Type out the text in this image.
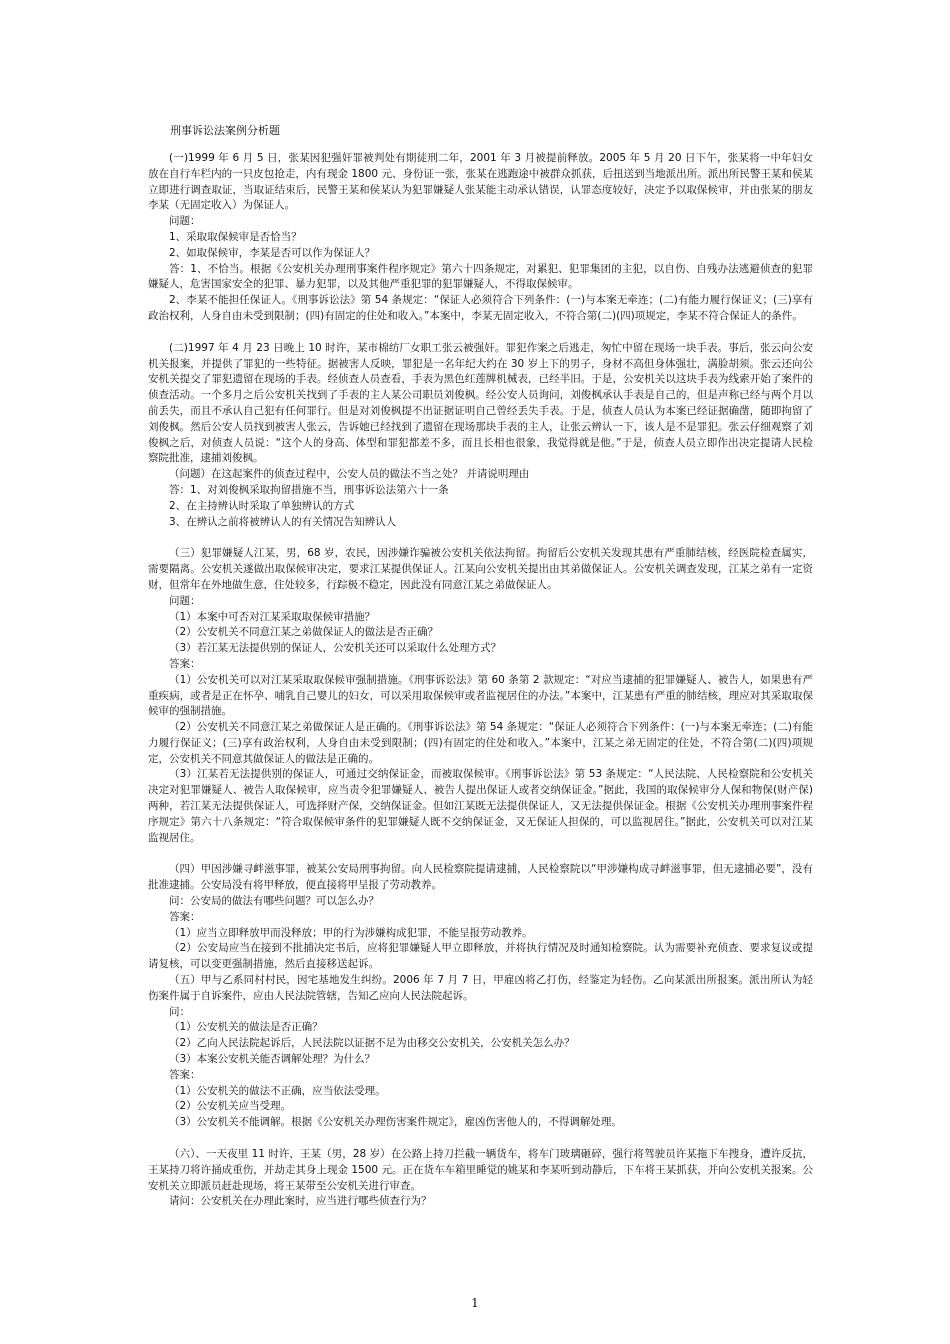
刑事诉讼法案例分析题

(一)1999 年 6 月 5 日，张某因犯强奸罪被判处有期徒刑二年，2001 年 3 月被提前释放。2005 年 5 月 20 日下午，张某将一中年妇女放在自行车栏内的一只皮包抢走，内有现金 1800 元、身份证一张，张某在逃跑途中被群众抓获，后扭送到当地派出所。派出所民警王某和侯某立即进行调查取证，当取证结束后，民警王某和侯某认为犯罪嫌疑人张某能主动承认错误，认罪态度较好，决定予以取保候审，并由张某的朋友李某（无固定收入）为保证人。

问题：

1、采取取保候审是否恰当？

2、如取保候审，李某是否可以作为保证人？

答：1、不恰当。根据《公安机关办理刑事案件程序规定》第六十四条规定，对累犯、犯罪集团的主犯，以自伤、自残办法逃避侦查的犯罪嫌疑人，危害国家安全的犯罪、暴力犯罪，以及其他严重犯罪的犯罪嫌疑人，不得取保候审。

2、李某不能担任保证人。《刑事诉讼法》第 54 条规定：“保证人必须符合下列条件：(一)与本案无牵连；(二)有能力履行保证义；(三)享有政治权利，人身自由未受到限制；(四)有固定的住处和收入。”本案中，李某无固定收入，不符合第(二)(四)项规定，李某不符合保证人的条件。

(二)1997 年 4 月 23 日晚上 10 时许，某市棉纺厂女职工张云被强奸。罪犯作案之后逃走，匆忙中留在现场一块手表。事后，张云向公安机关报案，并提供了罪犯的一些特征。据被害人反映，罪犯是一名年纪大约在 30 岁上下的男子，身材不高但身体强壮，满脸胡须。张云还向公安机关提交了罪犯遗留在现场的手表。经侦查人员查看，手表为黑色红莲牌机械表，已经半旧。于是，公安机关以这块手表为线索开始了案件的侦查活动。一个多月之后公安机关找到了手表的主人某公司职员刘俊枫。经公安人员询问，刘俊枫承认手表是自己的，但是声称已经与两个月以前丢失，而且不承认自己犯有任何罪行。但是对刘俊枫提不出证据证明自己曾经丢失手表。于是，侦查人员认为本案已经证据确凿，随即拘留了刘俊枫。然后公安人员找到被害人张云，告诉她已经找到了遗留在现场那块手表的主人，让张云辨认一下，该人是不是罪犯。张云仔细观察了刘俊枫之后，对侦查人员说：“这个人的身高、体型和罪犯都差不多，而且长相也很象，我觉得就是他。”于是，侦查人员立即作出决定提请人民检察院批准，逮捕刘俊枫。

（问题）在这起案件的侦查过程中，公安人员的做法不当之处？ 并请说明理由

答：1、对刘俊枫采取拘留措施不当，刑事诉讼法第六十一条

2、在主持辨认时采取了单独辨认的方式

3、在辨认之前将被辨认人的有关情况告知辨认人

（三）犯罪嫌疑人江某，男，68 岁，农民，因涉嫌诈骗被公安机关依法拘留。拘留后公安机关发现其患有严重肺结核，经医院检查属实，需要隔离。公安机关遂做出取保候审决定，要求江某提供保证人。江某向公安机关提出由其弟做保证人。公安机关调查发现，江某之弟有一定资财，但常年在外地做生意，住处较多，行踪极不稳定，因此没有同意江某之弟做保证人。

问题：

（1）本案中可否对江某采取取保候审措施？

（2）公安机关不同意江某之弟做保证人的做法是否正确？

（3）若江某无法提供别的保证人，公安机关还可以采取什么处理方式？

答案：

（1）公安机关可以对江某采取取保候审强制措施。《刑事诉讼法》第 60 条第 2 款规定：“对应当逮捕的犯罪嫌疑人、被告人，如果患有严重疾病，或者是正在怀孕、哺乳自己婴儿的妇女，可以采用取保候审或者监视居住的办法。”本案中，江某患有严重的肺结核，理应对其采取取保候审的强制措施。

（2）公安机关不同意江某之弟做保证人是正确的。《刑事诉讼法》第 54 条规定：“保证人必须符合下列条件：(一)与本案无牵连；(二)有能力履行保证义；(三)享有政治权利，人身自由未受到限制；(四)有固定的住处和收入。”本案中，江某之弟无固定的住处，不符合第(二)(四)项规定，公安机关不同意其做保证人的做法是正确的。

（3）江某若无法提供别的保证人，可通过交纳保证金，而被取保候审。《刑事诉讼法》第 53 条规定：“人民法院、人民检察院和公安机关决定对犯罪嫌疑人、被告人取保候审，应当责令犯罪嫌疑人、被告人提出保证人或者交纳保证金。”据此，我国的取保候审分人保和物保(财产保)两种，若江某无法提供保证人，可选择财产保，交纳保证金。但如江某既无法提供保证人，又无法提供保证金。根据《公安机关办理刑事案件程序规定》第六十八条规定：“符合取保候审条件的犯罪嫌疑人既不交纳保证金，又无保证人担保的，可以监视居住。”据此，公安机关可以对江某监视居住。

（四）甲因涉嫌寻衅滋事罪，被某公安局刑事拘留。向人民检察院提请逮捕，人民检察院以“甲涉嫌构成寻衅滋事罪，但无逮捕必要”，没有批准逮捕。公安局没有将甲释放，便直接将甲呈报了劳动教养。

问：公安局的做法有哪些问题？可以怎么办？

答案：

（1）应当立即释放甲而没释放；甲的行为涉嫌构成犯罪，不能呈报劳动教养。

（2）公安局应当在接到不批捕决定书后，应将犯罪嫌疑人甲立即释放，并将执行情况及时通知检察院。认为需要补充侦查、要求复议或提请复核，可以变更强制措施，然后直接移送起诉。

（五）甲与乙系同村村民，因宅基地发生纠纷。2006 年 7 月 7 日，甲雇凶将乙打伤，经鉴定为轻伤。乙向某派出所报案。派出所认为轻伤案件属于自诉案件，应由人民法院管辖，告知乙应向人民法院起诉。

问：

（1）公安机关的做法是否正确？

（2）乙向人民法院起诉后，人民法院以证据不足为由移交公安机关，公安机关怎么办？

（3）本案公安机关能否调解处理？为什么？

答案：

（1）公安机关的做法不正确，应当依法受理。

（2）公安机关应当受理。

（3）公安机关不能调解。根据《公安机关办理伤害案件规定》，雇凶伤害他人的，不得调解处理。

（六）、一天夜里 11 时许，王某（男，28 岁）在公路上持刀拦截一辆货车，将车门玻璃砸碎，强行将驾驶员许某拖下车搜身，遭许反抗，王某持刀将许捅成重伤，并劫走其身上现金 1500 元。正在货车车箱里睡觉的姚某和李某听到动静后，下车将王某抓获，并向公安机关报案。公安机关立即派员赶赴现场，将王某带至公安机关进行审查。

请问：公安机关在办理此案时，应当进行哪些侦查行为？

1
